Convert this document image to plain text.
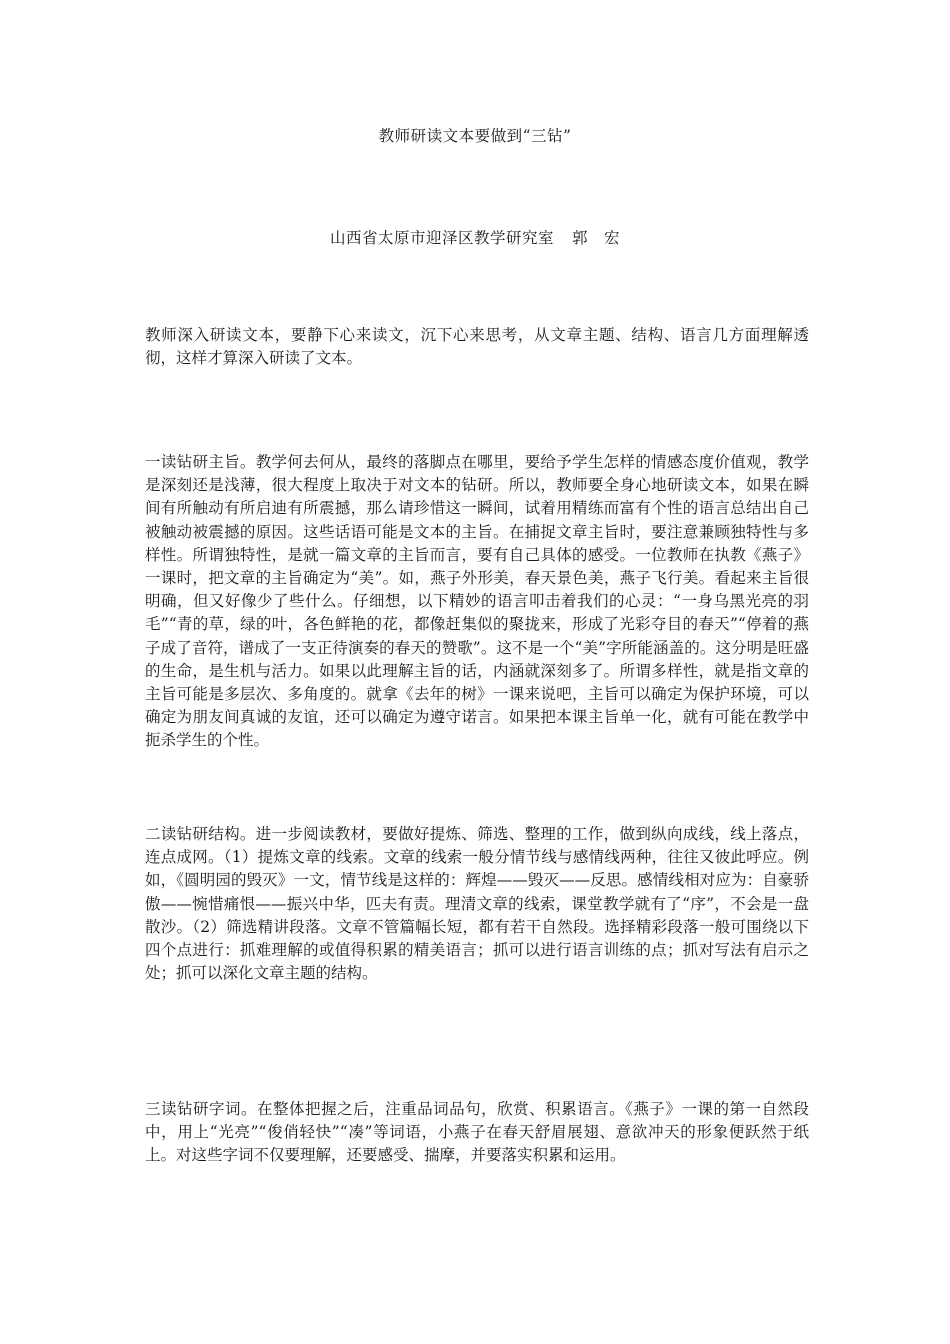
教师研读文本要做到“三钻”
山西省太原市迎泽区教学研究室 郭　宏

教师深入研读文本，要静下心来读文，沉下心来思考，从文章主题、结构、语言几方面理解透彻，这样才算深入研读了文本。

一读钻研主旨。教学何去何从，最终的落脚点在哪里，要给予学生怎样的情感态度价值观，教学是深刻还是浅薄，很大程度上取决于对文本的钻研。所以，教师要全身心地研读文本，如果在瞬间有所触动有所启迪有所震撼，那么请珍惜这一瞬间，试着用精练而富有个性的语言总结出自己被触动被震撼的原因。这些话语可能是文本的主旨。在捕捉文章主旨时，要注意兼顾独特性与多样性。所谓独特性，是就一篇文章的主旨而言，要有自己具体的感受。一位教师在执教《燕子》一课时，把文章的主旨确定为“美”。如，燕子外形美，春天景色美，燕子飞行美。看起来主旨很明确，但又好像少了些什么。仔细想，以下精妙的语言叩击着我们的心灵：“一身乌黑光亮的羽毛”“青的草，绿的叶，各色鲜艳的花，都像赶集似的聚拢来，形成了光彩夺目的春天”“停着的燕子成了音符，谱成了一支正待演奏的春天的赞歌”。这不是一个“美”字所能涵盖的。这分明是旺盛的生命，是生机与活力。如果以此理解主旨的话，内涵就深刻多了。所谓多样性，就是指文章的主旨可能是多层次、多角度的。就拿《去年的树》一课来说吧，主旨可以确定为保护环境，可以确定为朋友间真诚的友谊，还可以确定为遵守诺言。如果把本课主旨单一化，就有可能在教学中扼杀学生的个性。

二读钻研结构。进一步阅读教材，要做好提炼、筛选、整理的工作，做到纵向成线，线上落点，连点成网。（1）提炼文章的线索。文章的线索一般分情节线与感情线两种，往往又彼此呼应。例如，《圆明园的毁灭》一文，情节线是这样的：辉煌——毁灭——反思。感情线相对应为：自豪骄傲——惋惜痛恨——振兴中华，匹夫有责。理清文章的线索，课堂教学就有了“序”，不会是一盘散沙。（2）筛选精讲段落。文章不管篇幅长短，都有若干自然段。选择精彩段落一般可围绕以下四个点进行：抓难理解的或值得积累的精美语言；抓可以进行语言训练的点；抓对写法有启示之处；抓可以深化文章主题的结构。

三读钻研字词。在整体把握之后，注重品词品句，欣赏、积累语言。《燕子》一课的第一自然段中，用上“光亮”“俊俏轻快”“凑”等词语，小燕子在春天舒眉展翅、意欲冲天的形象便跃然于纸上。对这些字词不仅要理解，还要感受、揣摩，并要落实积累和运用。
